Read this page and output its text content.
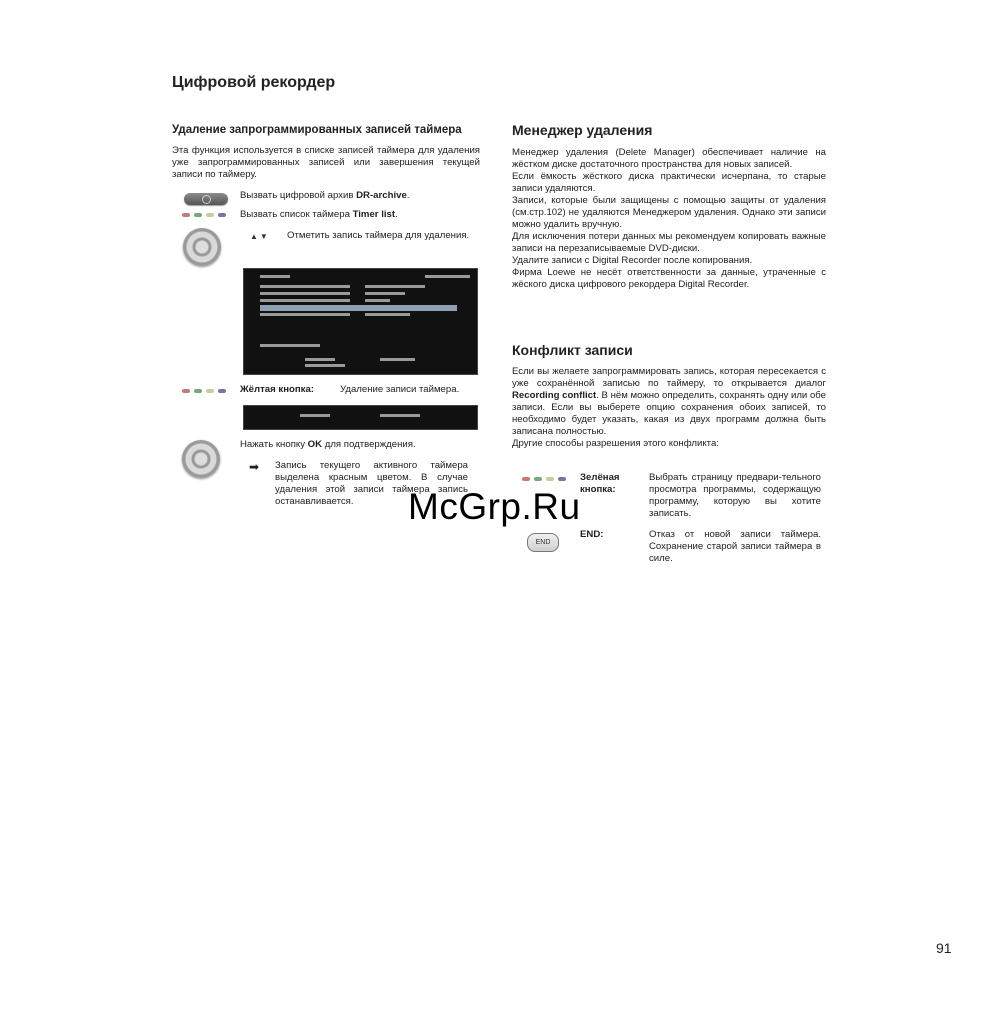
Цифровой рекордер
Удаление запрограммированных записей таймера
Эта функция используется в списке записей таймера для удаления уже запрограммированных записей или завершения текущей записи по таймеру.
Вызвать цифровой архив DR-archive.
Вызвать список таймера Timer list.
▲▼ Отметить запись таймера для удаления.
Жёлтая кнопка:	Удаление записи таймера.
Нажать кнопку OK для подтверждения.
➡ Запись текущего активного таймера выделена красным цветом. В случае удаления этой записи таймера запись останавливается.
Менеджер удаления

Менеджер удаления (Delete Manager) обеспечивает наличие на жёстком диске достаточного пространства для новых записей.

Если ёмкость жёсткого диска практически исчерпана, то старые записи удаляются.

Записи, которые были защищены с помощью защиты от удаления (см.стр.102) не удаляются Менеджером удаления. Однако эти записи можно удалить вручную.

Для исключения потери данных мы рекомендуем копировать важные записи на перезаписываемые DVD-диски.

Удалите записи с Digital Recorder после копирования.

Фирма Loewe не несёт ответственности за данные, утраченные с жёского диска цифрового рекордера Digital Recorder.

Конфликт записи

Если вы желаете запрограммировать запись, которая пересекается с уже сохранённой записью по таймеру, то открывается диалог Recording conflict. В нём можно определить, сохранять одну или обе записи. Если вы выберете опцию сохранения обоих записей, то необходимо будет указать, какая из двух программ должна быть записана полностью.

Другие способы разрешения этого конфликта:

Зелёная кнопка:
Выбрать страницу предвари-тельного просмотра программы, содержащую программу, которую вы хотите записать.
END
END:	Отказ от новой записи таймера. Сохранение старой записи таймера в силе.
McGrp.Ru
91
